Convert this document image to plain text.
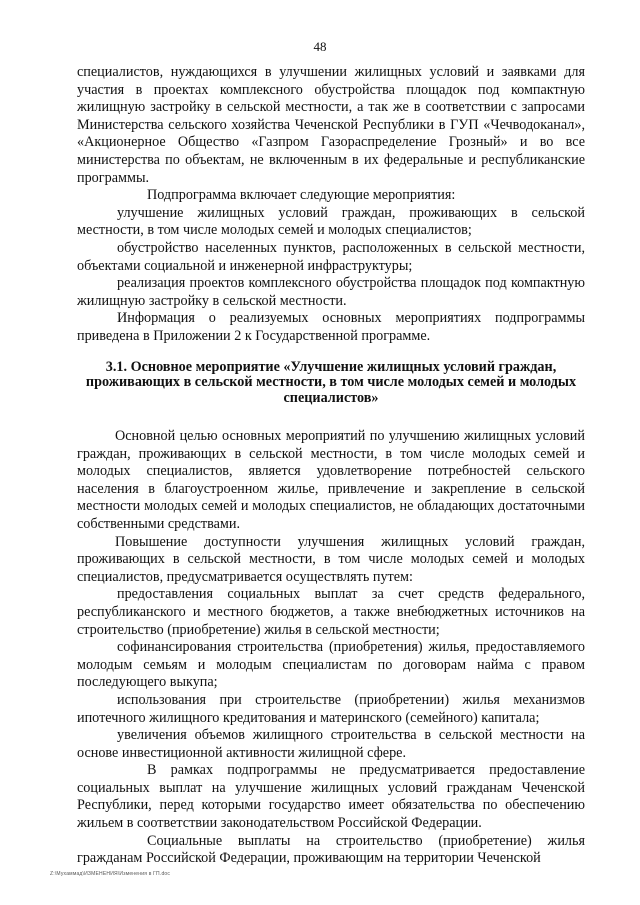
48

специалистов, нуждающихся в улучшении жилищных условий и заявками для участия в проектах комплексного обустройства площадок под компактную жилищную застройку в сельской местности, а так же в соответствии с запросами Министерства сельского хозяйства Чеченской Республики в ГУП «Чечводоканал», «Акционерное Общество «Газпром Газораспределение Грозный» и во все министерства по объектам, не включенным в их федеральные и республиканские программы.

Подпрограмма включает следующие мероприятия:

улучшение жилищных условий граждан, проживающих в сельской местности, в том числе молодых семей и молодых специалистов;

обустройство населенных пунктов, расположенных в сельской местности, объектами социальной и инженерной инфраструктуры;

реализация проектов комплексного обустройства площадок под компактную жилищную застройку в сельской местности.

Информация о реализуемых основных мероприятиях подпрограммы приведена в Приложении 2 к Государственной программе.

3.1. Основное мероприятие «Улучшение жилищных условий граждан, проживающих в сельской местности, в том числе молодых семей и молодых специалистов»

Основной целью основных мероприятий по улучшению жилищных условий граждан, проживающих в сельской местности, в том числе молодых семей и молодых специалистов, является удовлетворение потребностей сельского населения в благоустроенном жилье, привлечение и закрепление в сельской местности молодых семей и молодых специалистов, не обладающих достаточными собственными средствами.

Повышение доступности улучшения жилищных условий граждан, проживающих в сельской местности, в том числе молодых семей и молодых специалистов, предусматривается осуществлять путем:

предоставления социальных выплат за счет средств федерального, республиканского и местного бюджетов, а также внебюджетных источников на строительство (приобретение) жилья в сельской местности;

софинансирования строительства (приобретения) жилья, предоставляемого молодым семьям и молодым специалистам по договорам найма с правом последующего выкупа;

использования при строительстве (приобретении) жилья механизмов ипотечного жилищного кредитования и материнского (семейного) капитала;

увеличения объемов жилищного строительства в сельской местности на основе инвестиционной активности жилищной сфере.

В рамках подпрограммы не предусматривается предоставление социальных выплат на улучшение жилищных условий гражданам Чеченской Республики, перед которыми государство имеет обязательства по обеспечению жильем в соответствии законодательством Российской Федерации.

Социальные выплаты на строительство (приобретение) жилья гражданам Российской Федерации, проживающим на территории Чеченской

Z:\Мухаммад\ИЗМЕНЕНИЯ\Изменения в ГП.doc
